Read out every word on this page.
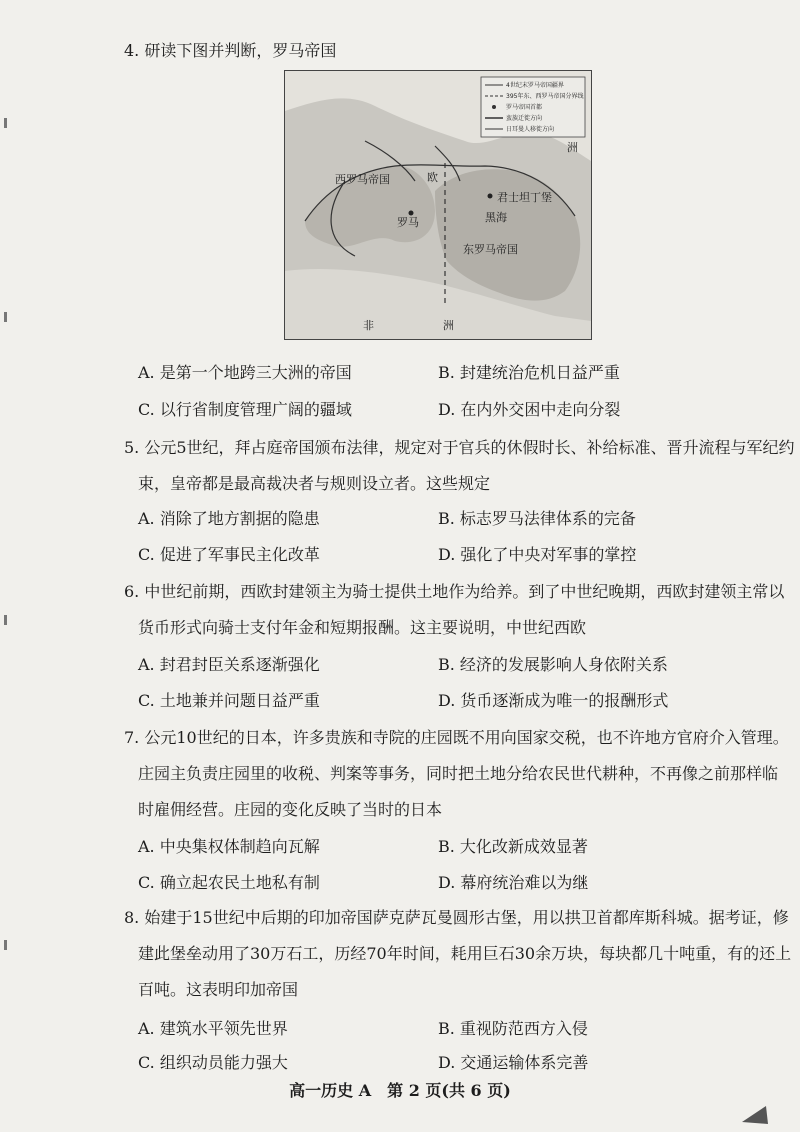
4. 研读下图并判断，罗马帝国
4世纪末罗马帝国疆界
395年东、西罗马帝国分界线
罗马帝国首都
蛮族迁徙方向
日耳曼人移徙方向
西罗马帝国
东罗马帝国
欧
洲
黑海
罗马
君士坦丁堡
非	洲
A. 是第一个地跨三大洲的帝国	B. 封建统治危机日益严重
C. 以行省制度管理广阔的疆域	D. 在内外交困中走向分裂
5. 公元5世纪，拜占庭帝国颁布法律，规定对于官兵的休假时长、补给标准、晋升流程与军纪约
束，皇帝都是最高裁决者与规则设立者。这些规定
A. 消除了地方割据的隐患	B. 标志罗马法律体系的完备
C. 促进了军事民主化改革	D. 强化了中央对军事的掌控
6. 中世纪前期，西欧封建领主为骑士提供土地作为给养。到了中世纪晚期，西欧封建领主常以
货币形式向骑士支付年金和短期报酬。这主要说明，中世纪西欧
A. 封君封臣关系逐渐强化	B. 经济的发展影响人身依附关系
C. 土地兼并问题日益严重	D. 货币逐渐成为唯一的报酬形式
7. 公元10世纪的日本，许多贵族和寺院的庄园既不用向国家交税，也不许地方官府介入管理。
庄园主负责庄园里的收税、判案等事务，同时把土地分给农民世代耕种，不再像之前那样临
时雇佣经营。庄园的变化反映了当时的日本
A. 中央集权体制趋向瓦解	B. 大化改新成效显著
C. 确立起农民土地私有制	D. 幕府统治难以为继
8. 始建于15世纪中后期的印加帝国萨克萨瓦曼圆形古堡，用以拱卫首都库斯科城。据考证，修
建此堡垒动用了30万石工，历经70年时间，耗用巨石30余万块，每块都几十吨重，有的还上
百吨。这表明印加帝国
A. 建筑水平领先世界	B. 重视防范西方入侵
C. 组织动员能力强大	D. 交通运输体系完善
高一历史 A　第 2 页(共 6 页)
